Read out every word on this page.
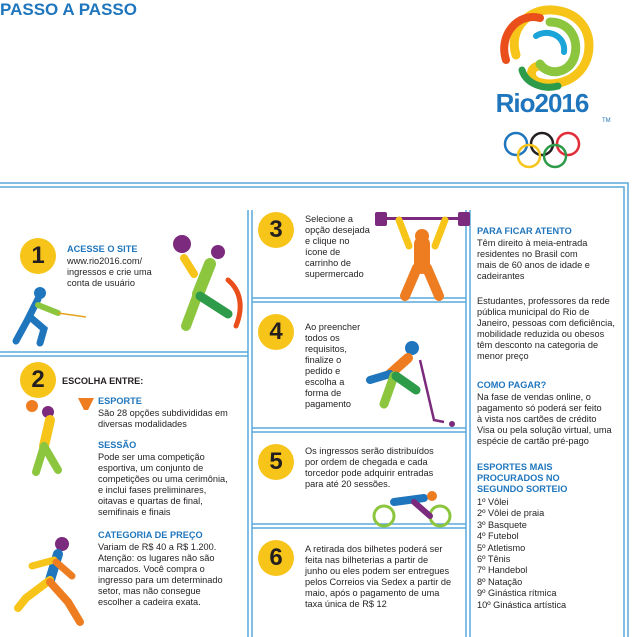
Rio2016
TM
PASSO A PASSO
1	ACESSE O SITE
www.rio2016.com/
ingressos e crie uma
conta de usuário
2	ESCOLHA ENTRE:
ESPORTE
São 28 opções subdivididas em
diversas modalidades
SESSÃO
Pode ser uma competição
esportiva, um conjunto de
competições ou uma cerimônia,
e inclui fases preliminares,
oitavas e quartas de final,
semifinais e finais
CATEGORIA DE PREÇO
Variam de R$ 40 a R$ 1.200.
Atenção: os lugares não são
marcados. Você compra o
ingresso para um determinado
setor, mas não consegue
escolher a cadeira exata.
3	Selecione a
opção desejada
e clique no
ícone de
carrinho de
supermercado
4	Ao preencher
todos os
requisitos,
finalize o
pedido e
escolha a
forma de
pagamento
5	Os ingressos serão distribuídos
por ordem de chegada e cada
torcedor pode adquirir entradas
para até 20 sessões.
6	A retirada dos bilhetes poderá ser
feita nas bilheterias a partir de
junho ou eles podem ser entregues
pelos Correios via Sedex a partir de
maio, após o pagamento de uma
taxa única de R$ 12
PARA FICAR ATENTO
Têm direito à meia-entrada
residentes no Brasil com
mais de 60 anos de idade e
cadeirantes
Estudantes, professores da rede
pública municipal do Rio de
Janeiro, pessoas com deficiência,
mobilidade reduzida ou obesos
têm desconto na categoria de
menor preço
COMO PAGAR?
Na fase de vendas online, o
pagamento só poderá ser feito
à vista nos cartões de crédito
Visa ou pela solução virtual, uma
espécie de cartão pré-pago
ESPORTES MAIS
PROCURADOS NO
SEGUNDO SORTEIO
1º Vôlei
2º Vôlei de praia
3º Basquete
4º Futebol
5º Atletismo
6º Tênis
7º Handebol
8º Natação
9º Ginástica rítmica
10º Ginástica artística
